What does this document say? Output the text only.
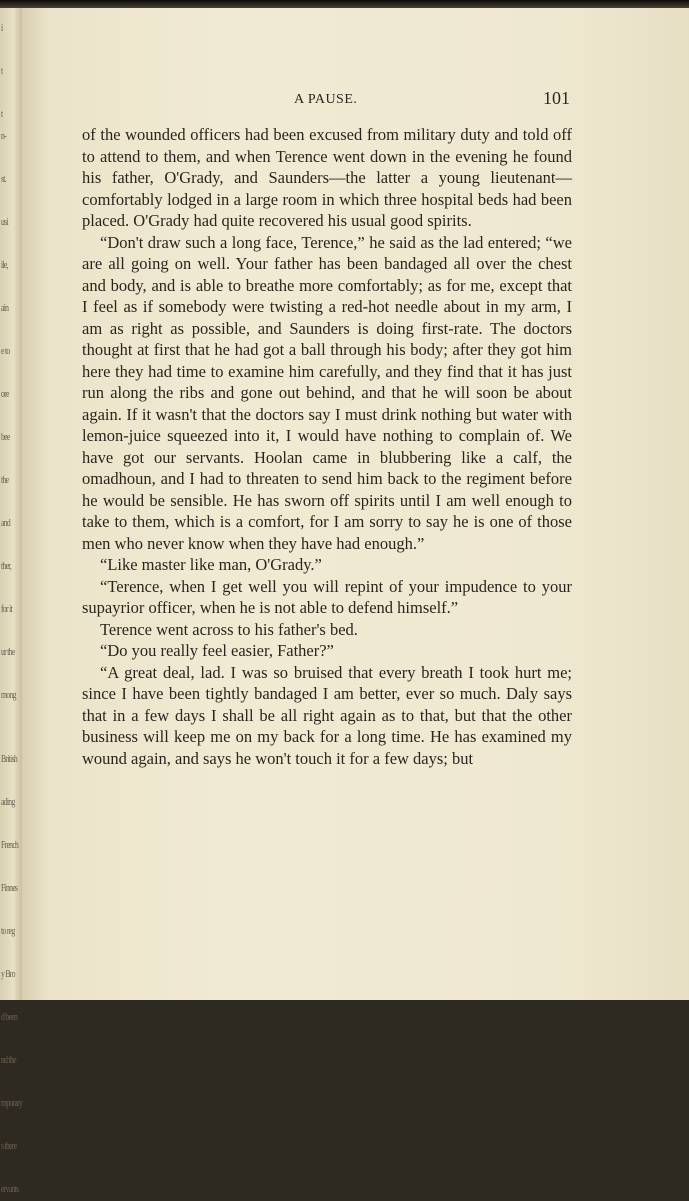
i

t

t
n-

st.

usi

ile,

ain

e to

ore

bee

the

and

ther,

for it

ur the

mong

British

ading

French

Finnes

to reg

y Bro

d been

nd the

mporary

s there

ervants
A PAUSE.	101

of the wounded officers had been excused from military duty and told off to attend to them, and when Terence went down in the evening he found his father, O'Grady, and Saunders—the latter a young lieutenant—comfortably lodged in a large room in which three hospital beds had been placed. O'Grady had quite recovered his usual good spirits.

“Don't draw such a long face, Terence,” he said as the lad entered; “we are all going on well. Your father has been bandaged all over the chest and body, and is able to breathe more comfortably; as for me, except that I feel as if somebody were twisting a red-hot needle about in my arm, I am as right as possible, and Saunders is doing first-rate. The doctors thought at first that he had got a ball through his body; after they got him here they had time to examine him carefully, and they find that it has just run along the ribs and gone out behind, and that he will soon be about again. If it wasn't that the doctors say I must drink nothing but water with lemon-juice squeezed into it, I would have nothing to complain of. We have got our servants. Hoolan came in blubbering like a calf, the omadhoun, and I had to threaten to send him back to the regiment before he would be sensible. He has sworn off spirits until I am well enough to take to them, which is a comfort, for I am sorry to say he is one of those men who never know when they have had enough.”

“Like master like man, O'Grady.”

“Terence, when I get well you will repint of your impudence to your supayrior officer, when he is not able to defend himself.”

Terence went across to his father's bed.

“Do you really feel easier, Father?”

“A great deal, lad. I was so bruised that every breath I took hurt me; since I have been tightly bandaged I am better, ever so much. Daly says that in a few days I shall be all right again as to that, but that the other business will keep me on my back for a long time. He has examined my wound again, and says he won't touch it for a few days; but
